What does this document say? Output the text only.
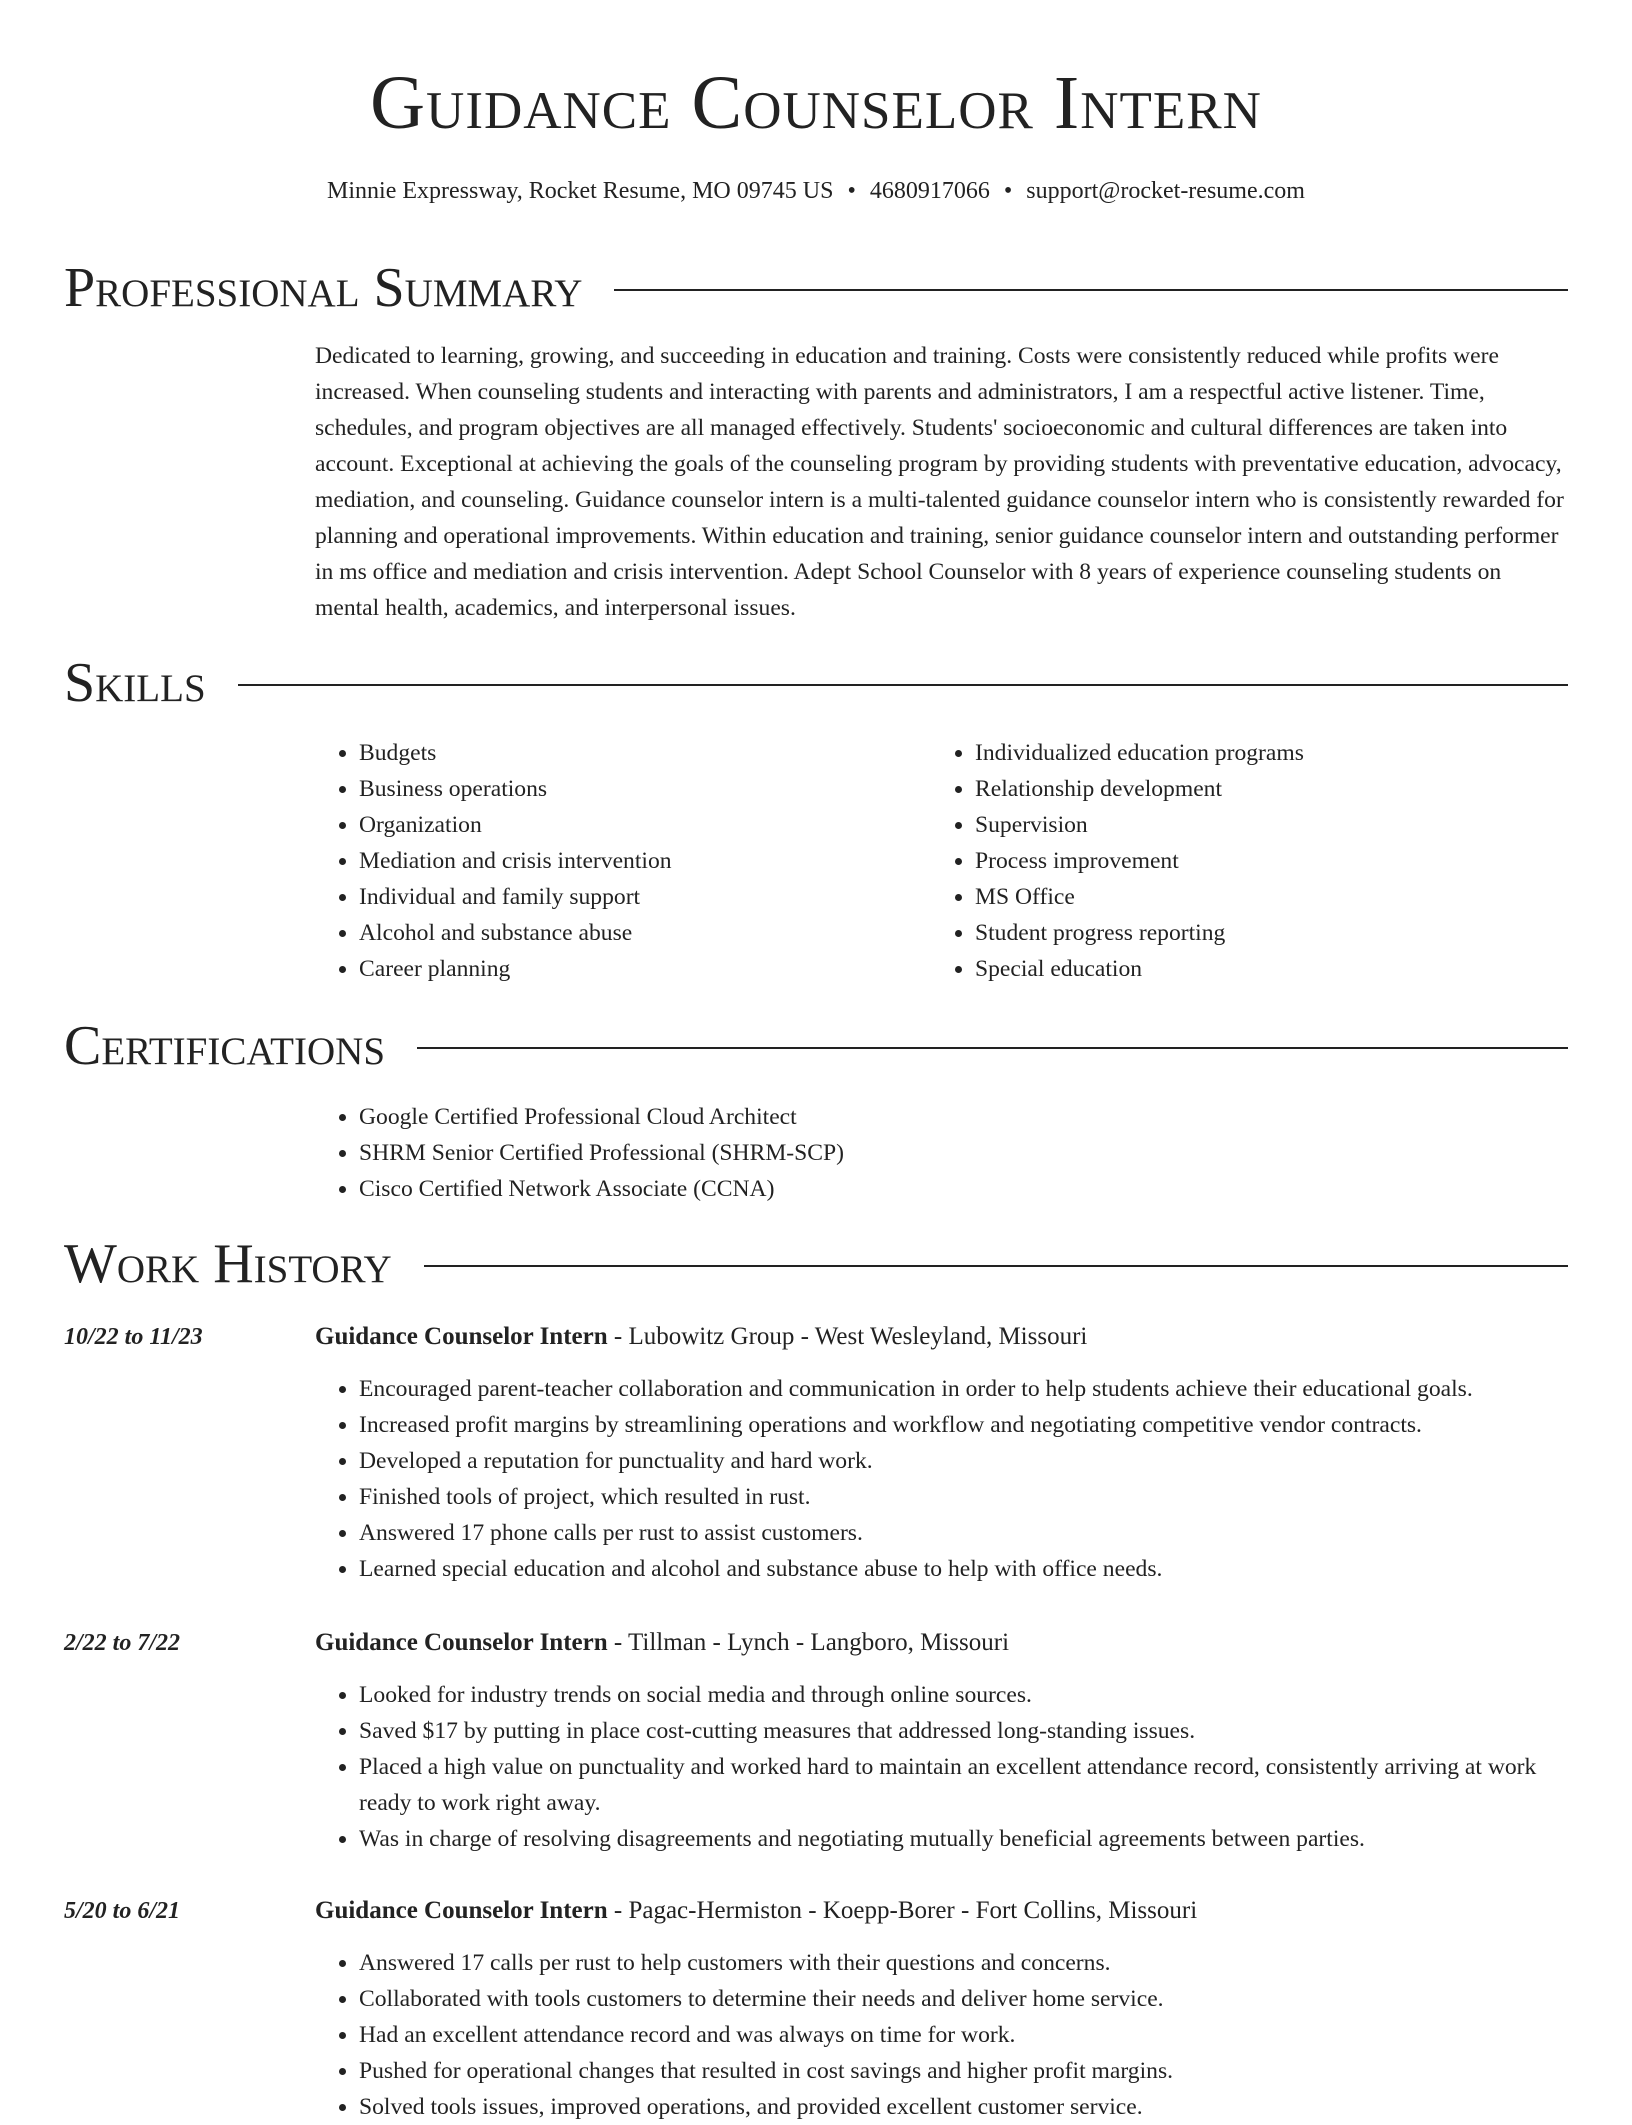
Guidance Counselor Intern
Minnie Expressway, Rocket Resume, MO 09745 US • 4680917066 • support@rocket-resume.com
Professional Summary
Dedicated to learning, growing, and succeeding in education and training. Costs were consistently reduced while profits were increased. When counseling students and interacting with parents and administrators, I am a respectful active listener. Time, schedules, and program objectives are all managed effectively. Students' socioeconomic and cultural differences are taken into account. Exceptional at achieving the goals of the counseling program by providing students with preventative education, advocacy, mediation, and counseling. Guidance counselor intern is a multi-talented guidance counselor intern who is consistently rewarded for planning and operational improvements. Within education and training, senior guidance counselor intern and outstanding performer in ms office and mediation and crisis intervention. Adept School Counselor with 8 years of experience counseling students on mental health, academics, and interpersonal issues.
Skills
• Budgets
• Business operations
• Organization
• Mediation and crisis intervention
• Individual and family support
• Alcohol and substance abuse
• Career planning
• Individualized education programs
• Relationship development
• Supervision
• Process improvement
• MS Office
• Student progress reporting
• Special education
Certifications
• Google Certified Professional Cloud Architect
• SHRM Senior Certified Professional (SHRM-SCP)
• Cisco Certified Network Associate (CCNA)
Work History
10/22 to 11/23	Guidance Counselor Intern - Lubowitz Group - West Wesleyland, Missouri
• Encouraged parent-teacher collaboration and communication in order to help students achieve their educational goals.
• Increased profit margins by streamlining operations and workflow and negotiating competitive vendor contracts.
• Developed a reputation for punctuality and hard work.
• Finished tools of project, which resulted in rust.
• Answered 17 phone calls per rust to assist customers.
• Learned special education and alcohol and substance abuse to help with office needs.
2/22 to 7/22	Guidance Counselor Intern - Tillman - Lynch - Langboro, Missouri
• Looked for industry trends on social media and through online sources.
• Saved $17 by putting in place cost-cutting measures that addressed long-standing issues.
• Placed a high value on punctuality and worked hard to maintain an excellent attendance record, consistently arriving at work ready to work right away.
• Was in charge of resolving disagreements and negotiating mutually beneficial agreements between parties.
5/20 to 6/21	Guidance Counselor Intern - Pagac-Hermiston - Koepp-Borer - Fort Collins, Missouri
• Answered 17 calls per rust to help customers with their questions and concerns.
• Collaborated with tools customers to determine their needs and deliver home service.
• Had an excellent attendance record and was always on time for work.
• Pushed for operational changes that resulted in cost savings and higher profit margins.
• Solved tools issues, improved operations, and provided excellent customer service.
